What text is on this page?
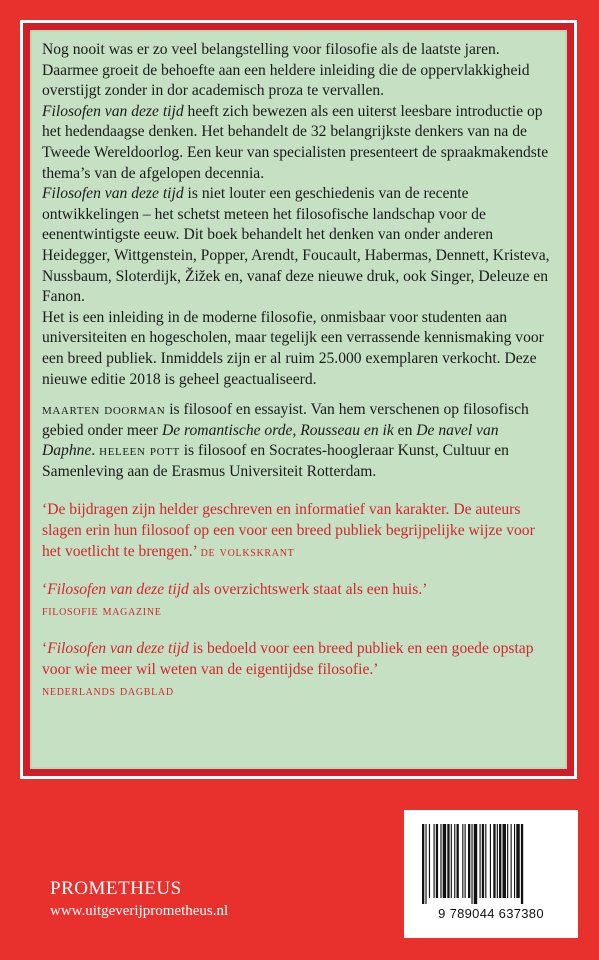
Nog nooit was er zo veel belangstelling voor filosofie als de laatste jaren. Daarmee groeit de behoefte aan een heldere inleiding die de oppervlakkigheid overstijgt zonder in dor academisch proza te vervallen.
Filosofen van deze tijd heeft zich bewezen als een uiterst leesbare introductie op het hedendaagse denken. Het behandelt de 32 belangrijkste denkers van na de Tweede Wereldoorlog. Een keur van specialisten presenteert de spraakmakendste thema’s van de afgelopen decennia.
Filosofen van deze tijd is niet louter een geschiedenis van de recente ontwikkelingen – het schetst meteen het filosofische landschap voor de eenentwintigste eeuw. Dit boek behandelt het denken van onder anderen Heidegger, Wittgenstein, Popper, Arendt, Foucault, Habermas, Dennett, Kristeva, Nussbaum, Sloterdijk, Žižek en, vanaf deze nieuwe druk, ook Singer, Deleuze en Fanon.
Het is een inleiding in de moderne filosofie, onmisbaar voor studenten aan universiteiten en hogescholen, maar tegelijk een verrassende kennismaking voor een breed publiek. Inmiddels zijn er al ruim 25.000 exemplaren verkocht. Deze nieuwe editie 2018 is geheel geactualiseerd.

maarten doorman is filosoof en essayist. Van hem verschenen op filosofisch gebied onder meer De romantische orde, Rousseau en ik en De navel van Daphne. heleen pott is filosoof en Socrates-hoogleraar Kunst, Cultuur en Samenleving aan de Erasmus Universiteit Rotterdam.

‘De bijdragen zijn helder geschreven en informatief van karakter. De auteurs slagen erin hun filosoof op een voor een breed publiek begrijpelijke wijze voor het voetlicht te brengen.’ de volkskrant

‘Filosofen van deze tijd als overzichtswerk staat als een huis.’
filosofie magazine

‘Filosofen van deze tijd is bedoeld voor een breed publiek en een goede opstap voor wie meer wil weten van de eigentijdse filosofie.’
nederlands dagblad

PROMETHEUS
www.uitgeverijprometheus.nl	9 789044 637380
